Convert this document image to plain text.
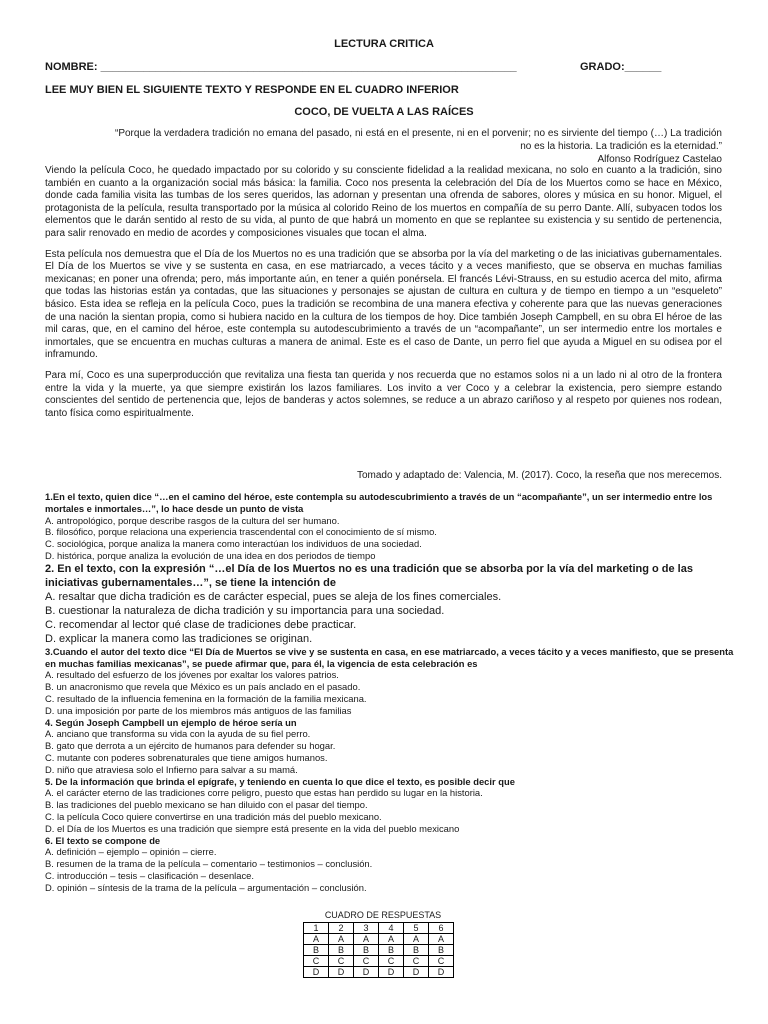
LECTURA CRITICA
NOMBRE: ____________________________________________________________________	GRADO:______
LEE MUY BIEN EL SIGUIENTE TEXTO Y RESPONDE EN EL CUADRO INFERIOR
COCO, DE VUELTA A LAS RAÍCES
“Porque la verdadera tradición no emana del pasado, ni está en el presente, ni en el porvenir; no es sirviente del tiempo (…) La tradición no es la historia. La tradición es la eternidad.”
Alfonso Rodríguez Castelao

Viendo la película Coco, he quedado impactado por su colorido y su consciente fidelidad a la realidad mexicana, no solo en cuanto a la tradición, sino también en cuanto a la organización social más básica: la familia. Coco nos presenta la celebración del Día de los Muertos como se hace en México, donde cada familia visita las tumbas de los seres queridos, las adornan y presentan una ofrenda de sabores, olores y música en su honor. Miguel, el protagonista de la película, resulta transportado por la música al colorido Reino de los muertos en compañía de su perro Dante. Allí, subyacen todos los elementos que le darán sentido al resto de su vida, al punto de que habrá un momento en que se replantee su existencia y su sentido de pertenencia, para salir renovado en medio de acordes y composiciones visuales que tocan el alma.

Esta película nos demuestra que el Día de los Muertos no es una tradición que se absorba por la vía del marketing o de las iniciativas gubernamentales. El Día de los Muertos se vive y se sustenta en casa, en ese matriarcado, a veces tácito y a veces manifiesto, que se observa en muchas familias mexicanas; en poner una ofrenda; pero, más importante aún, en tener a quién ponérsela. El francés Lévi-Strauss, en su estudio acerca del mito, afirma que todas las historias están ya contadas, que las situaciones y personajes se ajustan de cultura en cultura y de tiempo en tiempo a un “esqueleto” básico. Esta idea se refleja en la película Coco, pues la tradición se recombina de una manera efectiva y coherente para que las nuevas generaciones de una nación la sientan propia, como si hubiera nacido en la cultura de los tiempos de hoy. Dice también Joseph Campbell, en su obra El héroe de las mil caras, que, en el camino del héroe, este contempla su autodescubrimiento a través de un “acompañante”, un ser intermedio entre los mortales e inmortales, que se encuentra en muchas culturas a manera de animal. Este es el caso de Dante, un perro fiel que ayuda a Miguel en su odisea por el inframundo.

Para mí, Coco es una superproducción que revitaliza una fiesta tan querida y nos recuerda que no estamos solos ni a un lado ni al otro de la frontera entre la vida y la muerte, ya que siempre existirán los lazos familiares. Los invito a ver Coco y a celebrar la existencia, pero siempre estando conscientes del sentido de pertenencia que, lejos de banderas y actos solemnes, se reduce a un abrazo cariñoso y al respeto por quienes nos rodean, tanto física como espiritualmente.

Tomado y adaptado de: Valencia, M. (2017). Coco, la reseña que nos merecemos.
1.En el texto, quien dice “…en el camino del héroe, este contempla su autodescubrimiento a través de un “acompañante”, un ser intermedio entre los mortales e inmortales…”, lo hace desde un punto de vista
A. antropológico, porque describe rasgos de la cultura del ser humano.
B. filosófico, porque relaciona una experiencia trascendental con el conocimiento de sí mismo.
C. sociológica, porque analiza la manera como interactúan los individuos de una sociedad.
D. histórica, porque analiza la evolución de una idea en dos periodos de tiempo
2. En el texto, con la expresión “…el Día de los Muertos no es una tradición que se absorba por la vía del marketing o de las iniciativas gubernamentales…”, se tiene la intención de
A. resaltar que dicha tradición es de carácter especial, pues se aleja de los fines comerciales.
B. cuestionar la naturaleza de dicha tradición y su importancia para una sociedad.
C. recomendar al lector qué clase de tradiciones debe practicar.
D. explicar la manera como las tradiciones se originan.
3.Cuando el autor del texto dice “El Día de Muertos se vive y se sustenta en casa, en ese matriarcado, a veces tácito y a veces manifiesto, que se presenta en muchas familias mexicanas”, se puede afirmar que, para él, la vigencia de esta celebración es
A. resultado del esfuerzo de los jóvenes por exaltar los valores patrios.
B. un anacronismo que revela que México es un país anclado en el pasado.
C. resultado de la influencia femenina en la formación de la familia mexicana.
D. una imposición por parte de los miembros más antiguos de las familias
4. Según Joseph Campbell un ejemplo de héroe sería un
A. anciano que transforma su vida con la ayuda de su fiel perro.
B. gato que derrota a un ejército de humanos para defender su hogar.
C. mutante con poderes sobrenaturales que tiene amigos humanos.
D. niño que atraviesa solo el Infierno para salvar a su mamá.
5. De la información que brinda el epígrafe, y teniendo en cuenta lo que dice el texto, es posible decir que
A. el carácter eterno de las tradiciones corre peligro, puesto que estas han perdido su lugar en la historia.
B. las tradiciones del pueblo mexicano se han diluido con el pasar del tiempo.
C. la película Coco quiere convertirse en una tradición más del pueblo mexicano.
D. el Día de los Muertos es una tradición que siempre está presente en la vida del pueblo mexicano
6. El texto se compone de
A. definición – ejemplo – opinión – cierre.
B. resumen de la trama de la película – comentario – testimonios – conclusión.
C. introducción – tesis – clasificación – desenlace.
D. opinión – síntesis de la trama de la película – argumentación – conclusión.
CUADRO DE RESPUESTAS
1	2	3	4	5	6
A	A	A	A	A	A
B	B	B	B	B	B
C	C	C	C	C	C
D	D	D	D	D	D
